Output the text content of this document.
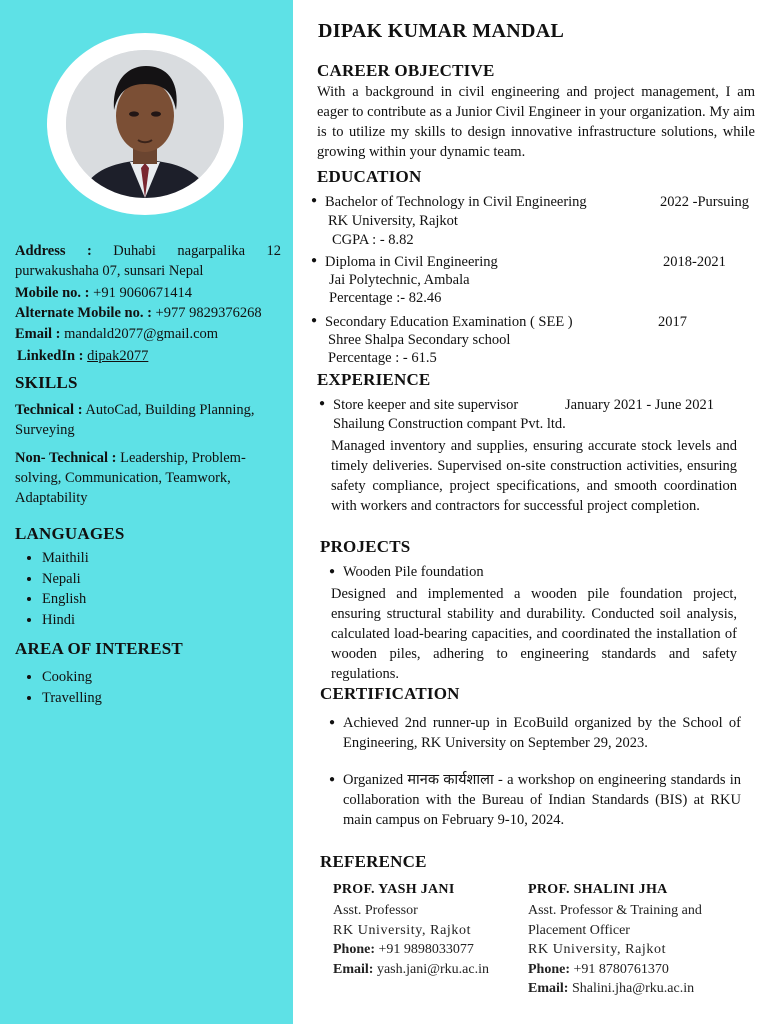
Address : Duhabi nagarpalika 12 purwakushaha 07, sunsari Nepal
Mobile no. : +91 9060671414
Alternate Mobile no. : +977 9829376268
Email : mandald2077@gmail.com
LinkedIn : dipak2077
SKILLS
Technical : AutoCad, Building Planning, Surveying
Non- Technical : Leadership, Problem-solving, Communication, Teamwork, Adaptability
LANGUAGES
• Maithili
• Nepali
• English
• Hindi
AREA OF INTEREST
• Cooking
• Travelling
DIPAK KUMAR MANDAL
CAREER OBJECTIVE
With a background in civil engineering and project management, I am eager to contribute as a Junior Civil Engineer in your organization. My aim is to utilize my skills to design innovative infrastructure solutions, while growing within your dynamic team.
EDUCATION
● Bachelor of Technology in Civil Engineering	2022 -Pursuing
RK University, Rajkot
CGPA : - 8.82
● Diploma in Civil Engineering	2018-2021
Jai Polytechnic, Ambala
Percentage :- 82.46
● Secondary Education Examination ( SEE )	2017
Shree Shalpa Secondary school
Percentage : - 61.5
EXPERIENCE
● Store keeper and site supervisor	January 2021 - June 2021
Shailung Construction compant Pvt. ltd.
Managed inventory and supplies, ensuring accurate stock levels and timely deliveries. Supervised on-site construction activities, ensuring safety compliance, project specifications, and smooth coordination with workers and contractors for successful project completion.
PROJECTS
● Wooden Pile foundation
Designed and implemented a wooden pile foundation project, ensuring structural stability and durability. Conducted soil analysis, calculated load-bearing capacities, and coordinated the installation of wooden piles, adhering to engineering standards and safety regulations.
CERTIFICATION
● Achieved 2nd runner-up in EcoBuild organized by the School of Engineering, RK University on September 29, 2023.
● Organized मानक कार्यशाला - a workshop on engineering standards in collaboration with the Bureau of Indian Standards (BIS) at RKU main campus on February 9-10, 2024.
REFERENCE
PROF. YASH JANI
Asst. Professor
RK University, Rajkot
Phone: +91 9898033077
Email: yash.jani@rku.ac.in
PROF. SHALINI JHA
Asst. Professor & Training and Placement Officer
RK University, Rajkot
Phone: +91 8780761370
Email: Shalini.jha@rku.ac.in
